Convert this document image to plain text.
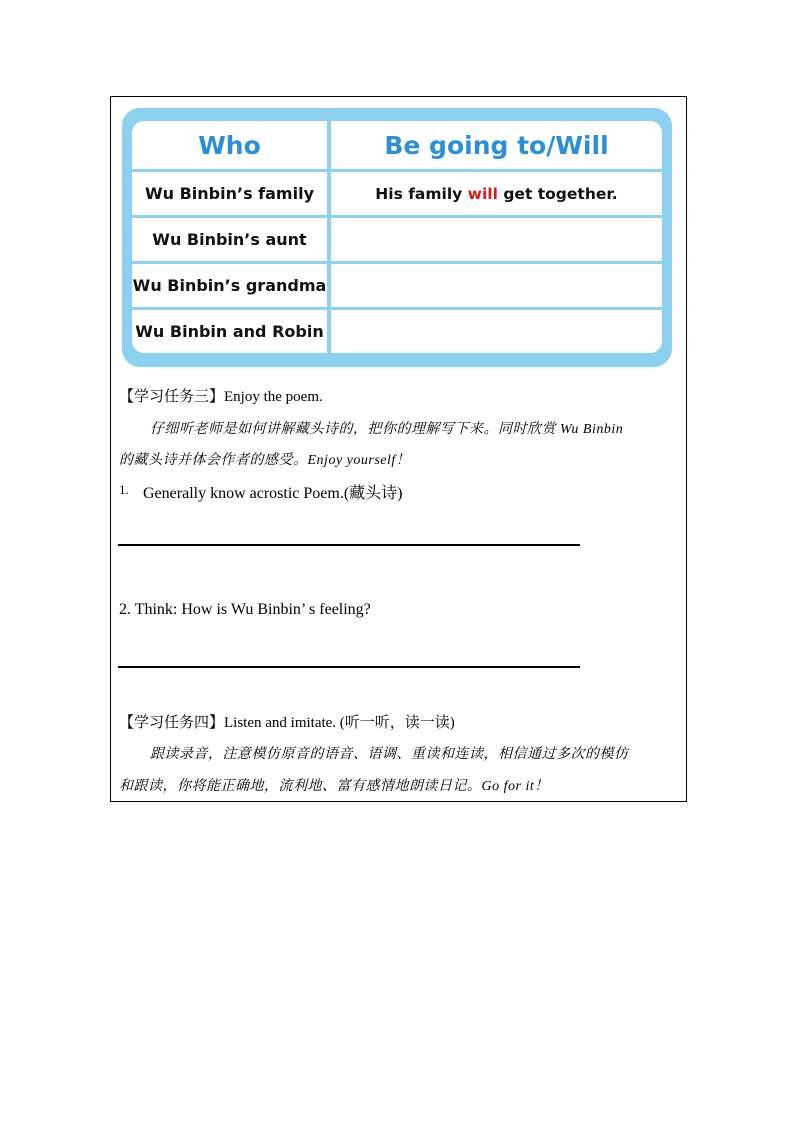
Who	Be going to/Will
Wu Binbin’s family	His family will get together.
Wu Binbin’s aunt
Wu Binbin’s grandma
Wu Binbin and Robin
【学习任务三】Enjoy the poem.
仔细听老师是如何讲解藏头诗的，把你的理解写下来。同时欣赏 Wu Binbin
的藏头诗并体会作者的感受。Enjoy yourself！
1. Generally know acrostic Poem.(藏头诗)
2. Think: How is Wu Binbin’ s feeling?
【学习任务四】Listen and imitate. (听一听，读一读)
跟读录音，注意模仿原音的语音、语调、重读和连读，相信通过多次的模仿
和跟读，你将能正确地，流利地、富有感情地朗读日记。Go for it！
